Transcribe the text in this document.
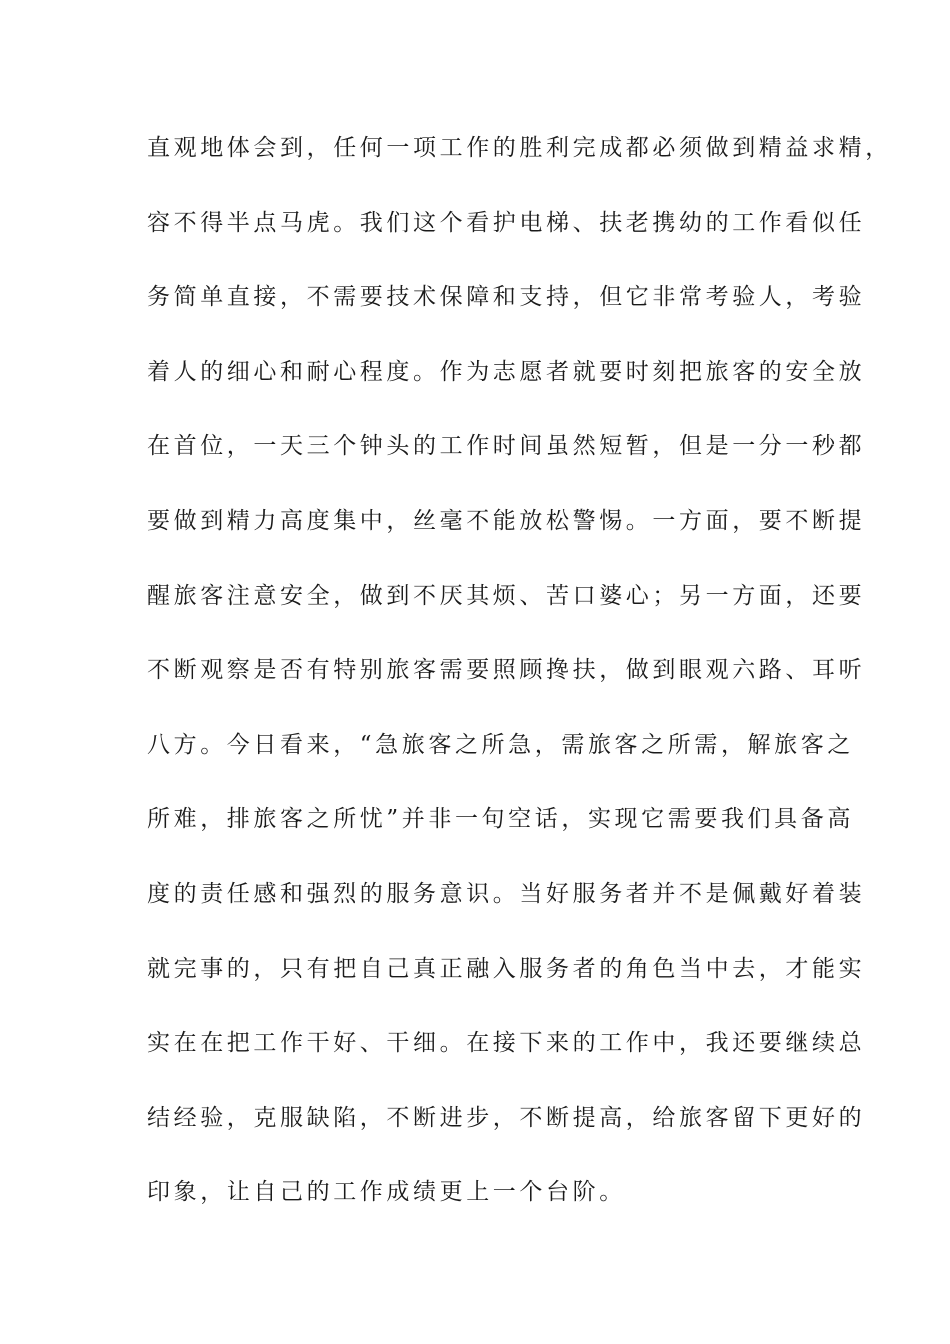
直观地体会到，任何一项工作的胜利完成都必须做到精益求精，
容不得半点马虎。我们这个看护电梯、扶老携幼的工作看似任
务简单直接，不需要技术保障和支持，但它非常考验人，考验
着人的细心和耐心程度。作为志愿者就要时刻把旅客的安全放
在首位，一天三个钟头的工作时间虽然短暂，但是一分一秒都
要做到精力高度集中，丝毫不能放松警惕。一方面，要不断提
醒旅客注意安全，做到不厌其烦、苦口婆心；另一方面，还要
不断观察是否有特别旅客需要照顾搀扶，做到眼观六路、耳听
八方。今日看来，“急旅客之所急，需旅客之所需，解旅客之
所难，排旅客之所忧”并非一句空话，实现它需要我们具备高
度的责任感和强烈的服务意识。当好服务者并不是佩戴好着装
就完事的，只有把自己真正融入服务者的角色当中去，才能实
实在在把工作干好、干细。在接下来的工作中，我还要继续总
结经验，克服缺陷，不断进步，不断提高，给旅客留下更好的
印象，让自己的工作成绩更上一个台阶。
